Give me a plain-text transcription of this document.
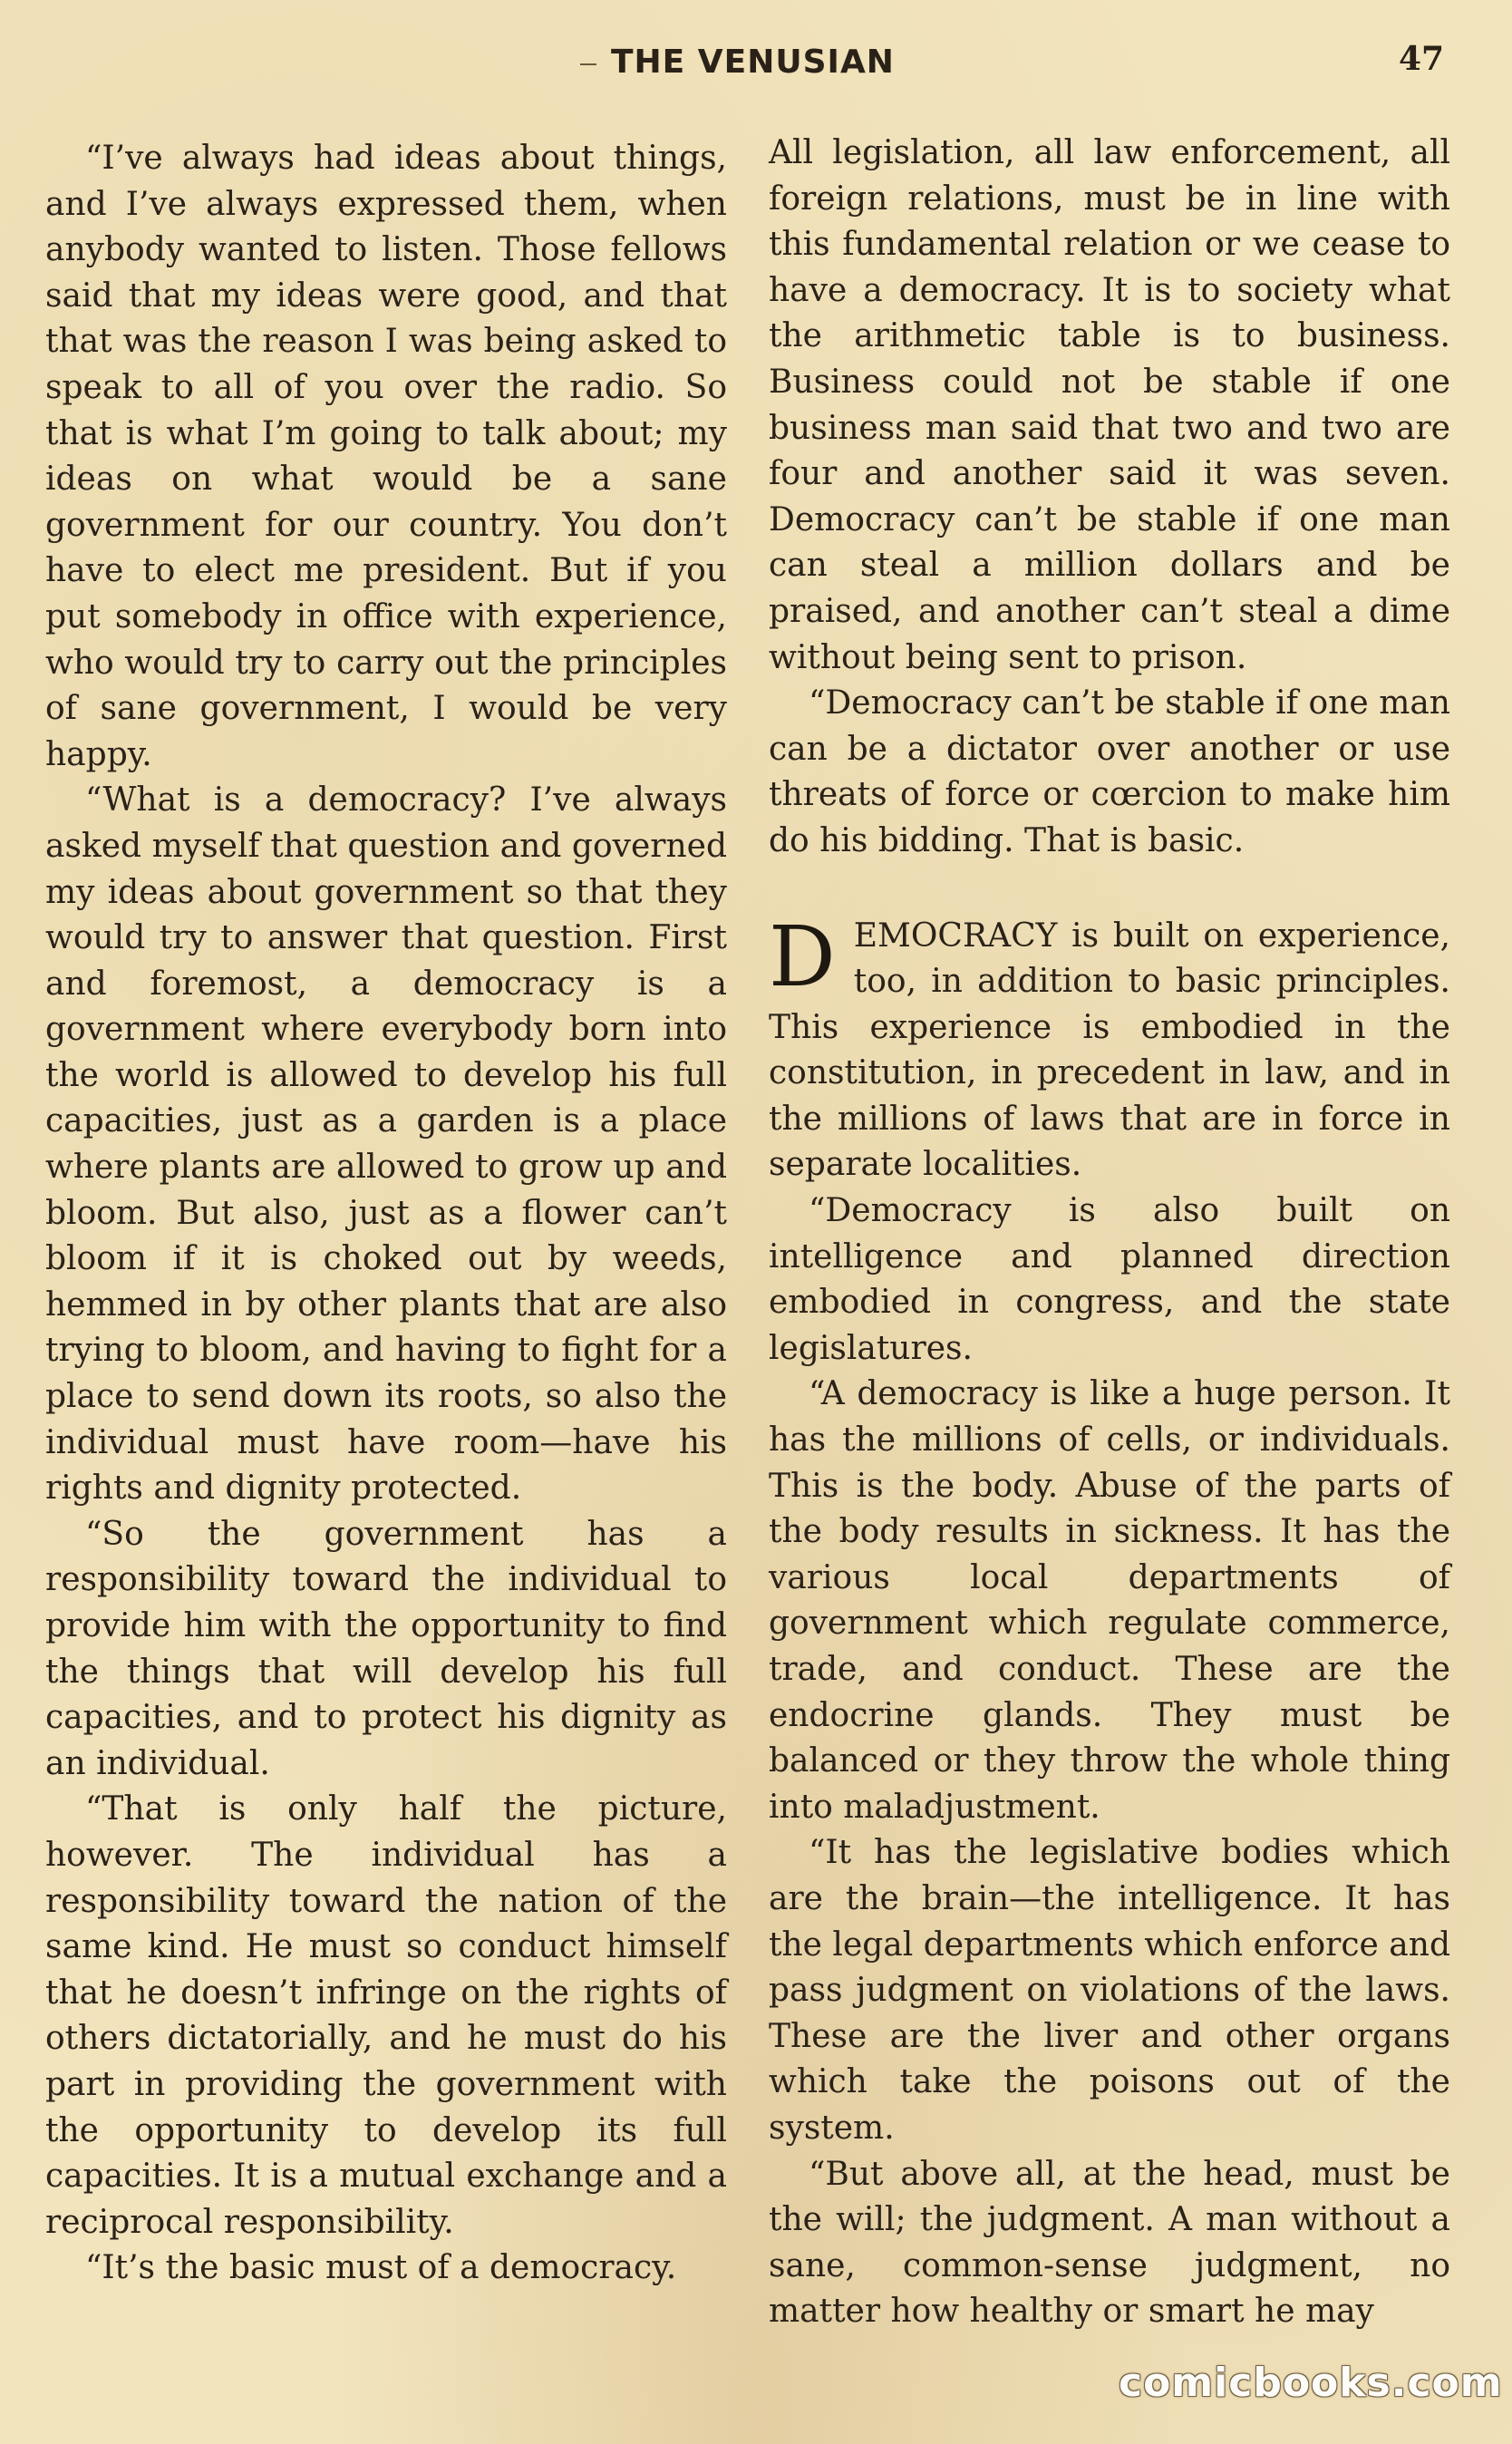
THE VENUSIAN	47

“I’ve always had ideas about things, and I’ve always expressed them, when anybody wanted to listen. Those fellows said that my ideas were good, and that that was the reason I was being asked to speak to all of you over the radio. So that is what I’m going to talk about; my ideas on what would be a sane government for our country. You don’t have to elect me president. But if you put somebody in office with experience, who would try to carry out the principles of sane government, I would be very happy.

“What is a democracy? I’ve always asked myself that question and governed my ideas about government so that they would try to answer that question. First and foremost, a democracy is a government where everybody born into the world is allowed to develop his full capacities, just as a garden is a place where plants are allowed to grow up and bloom. But also, just as a flower can’t bloom if it is choked out by weeds, hemmed in by other plants that are also trying to bloom, and having to fight for a place to send down its roots, so also the individual must have room—have his rights and dignity protected.

“So the government has a responsibility toward the individual to provide him with the opportunity to find the things that will develop his full capacities, and to protect his dignity as an individual.

“That is only half the picture, however. The individual has a responsibility toward the nation of the same kind. He must so conduct himself that he doesn’t infringe on the rights of others dictatorially, and he must do his part in providing the government with the opportunity to develop its full capacities. It is a mutual exchange and a reciprocal responsibility.

“It’s the basic must of a democracy.

All legislation, all law enforcement, all foreign relations, must be in line with this fundamental relation or we cease to have a democracy. It is to society what the arithmetic table is to business. Business could not be stable if one business man said that two and two are four and another said it was seven. Democracy can’t be stable if one man can steal a million dollars and be praised, and another can’t steal a dime without being sent to prison.

“Democracy can’t be stable if one man can be a dictator over another or use threats of force or cœrcion to make him do his bidding. That is basic.

DEMOCRACY is built on experience, too, in addition to basic principles. This experience is embodied in the constitution, in precedent in law, and in the millions of laws that are in force in separate localities.

“Democracy is also built on intelligence and planned direction embodied in congress, and the state legislatures.

“A democracy is like a huge person. It has the millions of cells, or individuals. This is the body. Abuse of the parts of the body results in sickness. It has the various local departments of government which regulate commerce, trade, and conduct. These are the endocrine glands. They must be balanced or they throw the whole thing into maladjustment.

“It has the legislative bodies which are the brain—the intelligence. It has the legal departments which enforce and pass judgment on violations of the laws. These are the liver and other organs which take the poisons out of the system.

“But above all, at the head, must be the will; the judgment. A man without a sane, common-sense judgment, no matter how healthy or smart he may

comicbooks.com
